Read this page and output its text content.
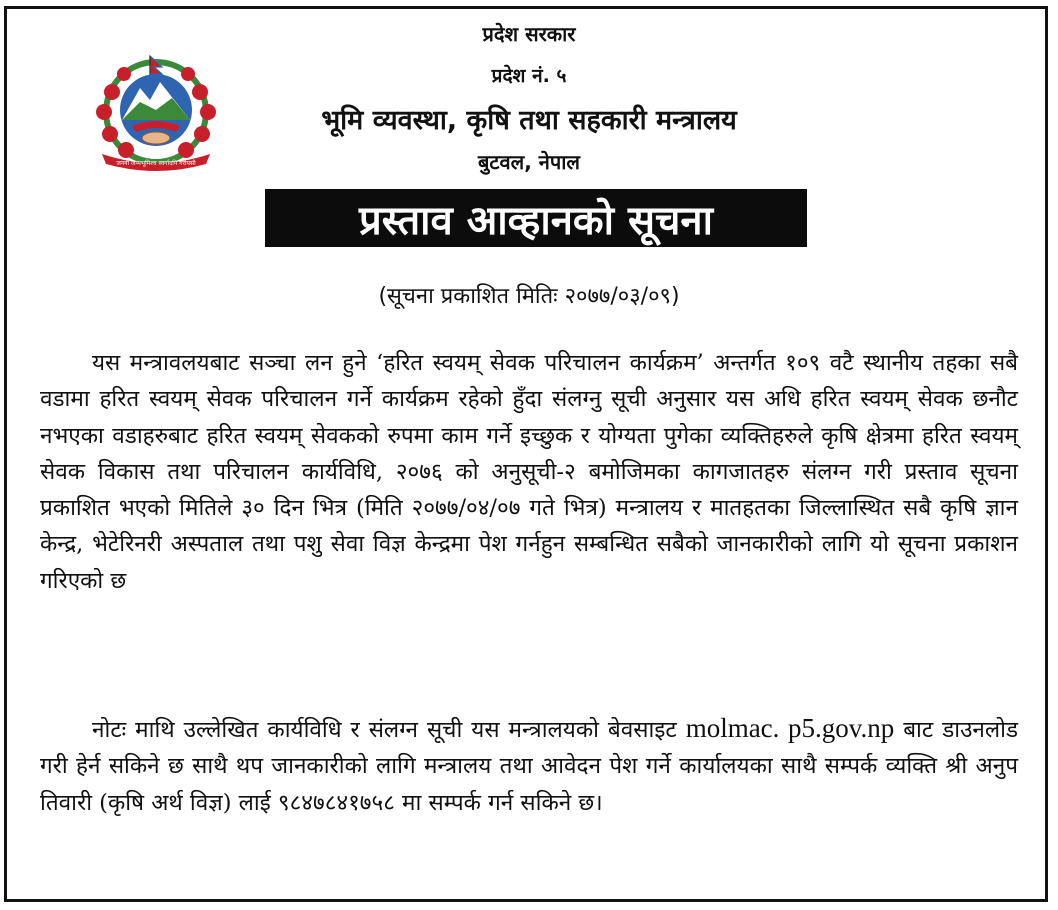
जननी जन्मभूमिश्च स्वर्गादपि गरीयसी

प्रदेश सरकार

प्रदेश नं. ५

भूमि व्यवस्था, कृषि तथा सहकारी मन्त्रालय

बुटवल, नेपाल

प्रस्ताव आव्हानको सूचना

(सूचना प्रकाशित मितिः २०७७/०३/०९)

यस मन्त्रावलयबाट सञ्चा लन हुने ‘हरित स्वयम् सेवक परिचालन कार्यक्रम’ अन्तर्गत १०९ वटै स्थानीय तहका सबै वडामा हरित स्वयम् सेवक परिचालन गर्ने कार्यक्रम रहेको हुँदा संलग्नु सूची अनुसार यस अधि हरित स्वयम् सेवक छनौट नभएका वडाहरुबाट हरित स्वयम् सेवकको रुपमा काम गर्ने इच्छुक र योग्यता पुगेका व्यक्तिहरुले कृषि क्षेत्रमा हरित स्वयम् सेवक विकास तथा परिचालन कार्यविधि, २०७६ को अनुसूची-२ बमोजिमका कागजातहरु संलग्न गरी प्रस्ताव सूचना प्रकाशित भएको मितिले ३० दिन भित्र (मिति २०७७/०४/०७ गते भित्र) मन्त्रालय र मातहतका जिल्लास्थित सबै कृषि ज्ञान केन्द्र, भेटेरिनरी अस्पताल तथा पशु सेवा विज्ञ केन्द्रमा पेश गर्नहुन सम्बन्धित सबैको जानकारीको लागि यो सूचना प्रकाशन गरिएको छ

नोटः माथि उल्लेखित कार्यविधि र संलग्न सूची यस मन्त्रालयको बेवसाइट molmac. p5.gov.np बाट डाउनलोड गरी हेर्न सकिने छ साथै थप जानकारीको लागि मन्त्रालय तथा आवेदन पेश गर्ने कार्यालयका साथै सम्पर्क व्यक्ति श्री अनुप तिवारी (कृषि अर्थ विज्ञ) लाई ९८४७८४१७५८ मा सम्पर्क गर्न सकिने छ।
